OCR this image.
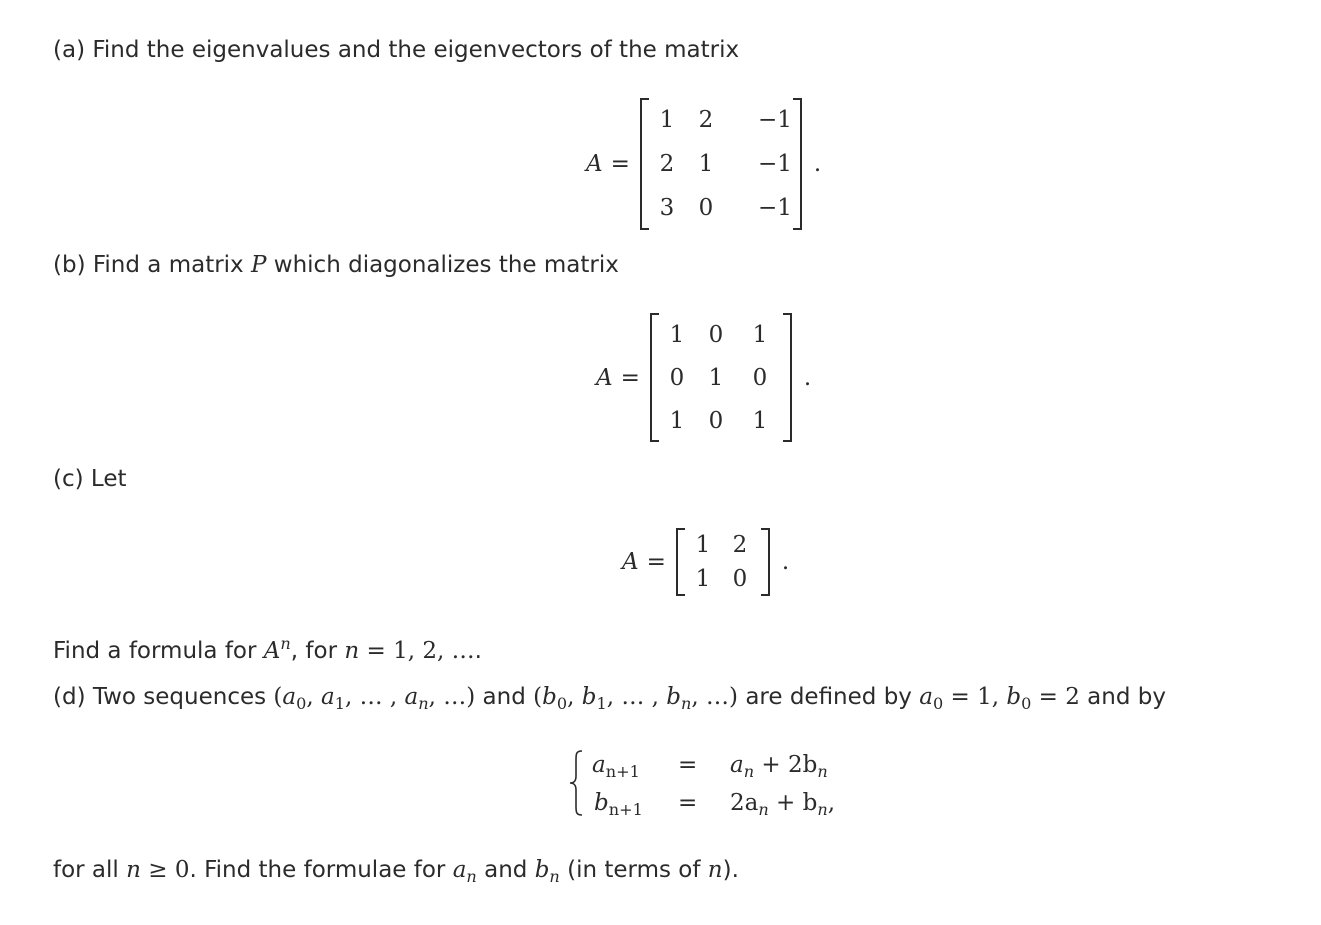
(a) Find the eigenvalues and the eigenvectors of the matrix
A =
1	2	−1
2	1	−1
3	0	−1
.
(b) Find a matrix P which diagonalizes the matrix
A =
1	0	1
0	1	0
1	0	1
.
(c) Let
A =
1	2
1	0
.
Find a formula for $A^n$, for n = 1, 2, ….
(d) Two sequences ($a_0$, $a_1$, … , $a_n$, …) and ($b_0$, $b_1$, … , $b_n$, …) are defined by $a_0 = 1$, $b_0 = 2$ and by
$a_{n+1} = a_n + 2b_n$
$b_{n+1} = 2a_n + b_n$,
for all n ≥ 0. Find the formulae for $a_n$ and $b_n$ (in terms of n).
